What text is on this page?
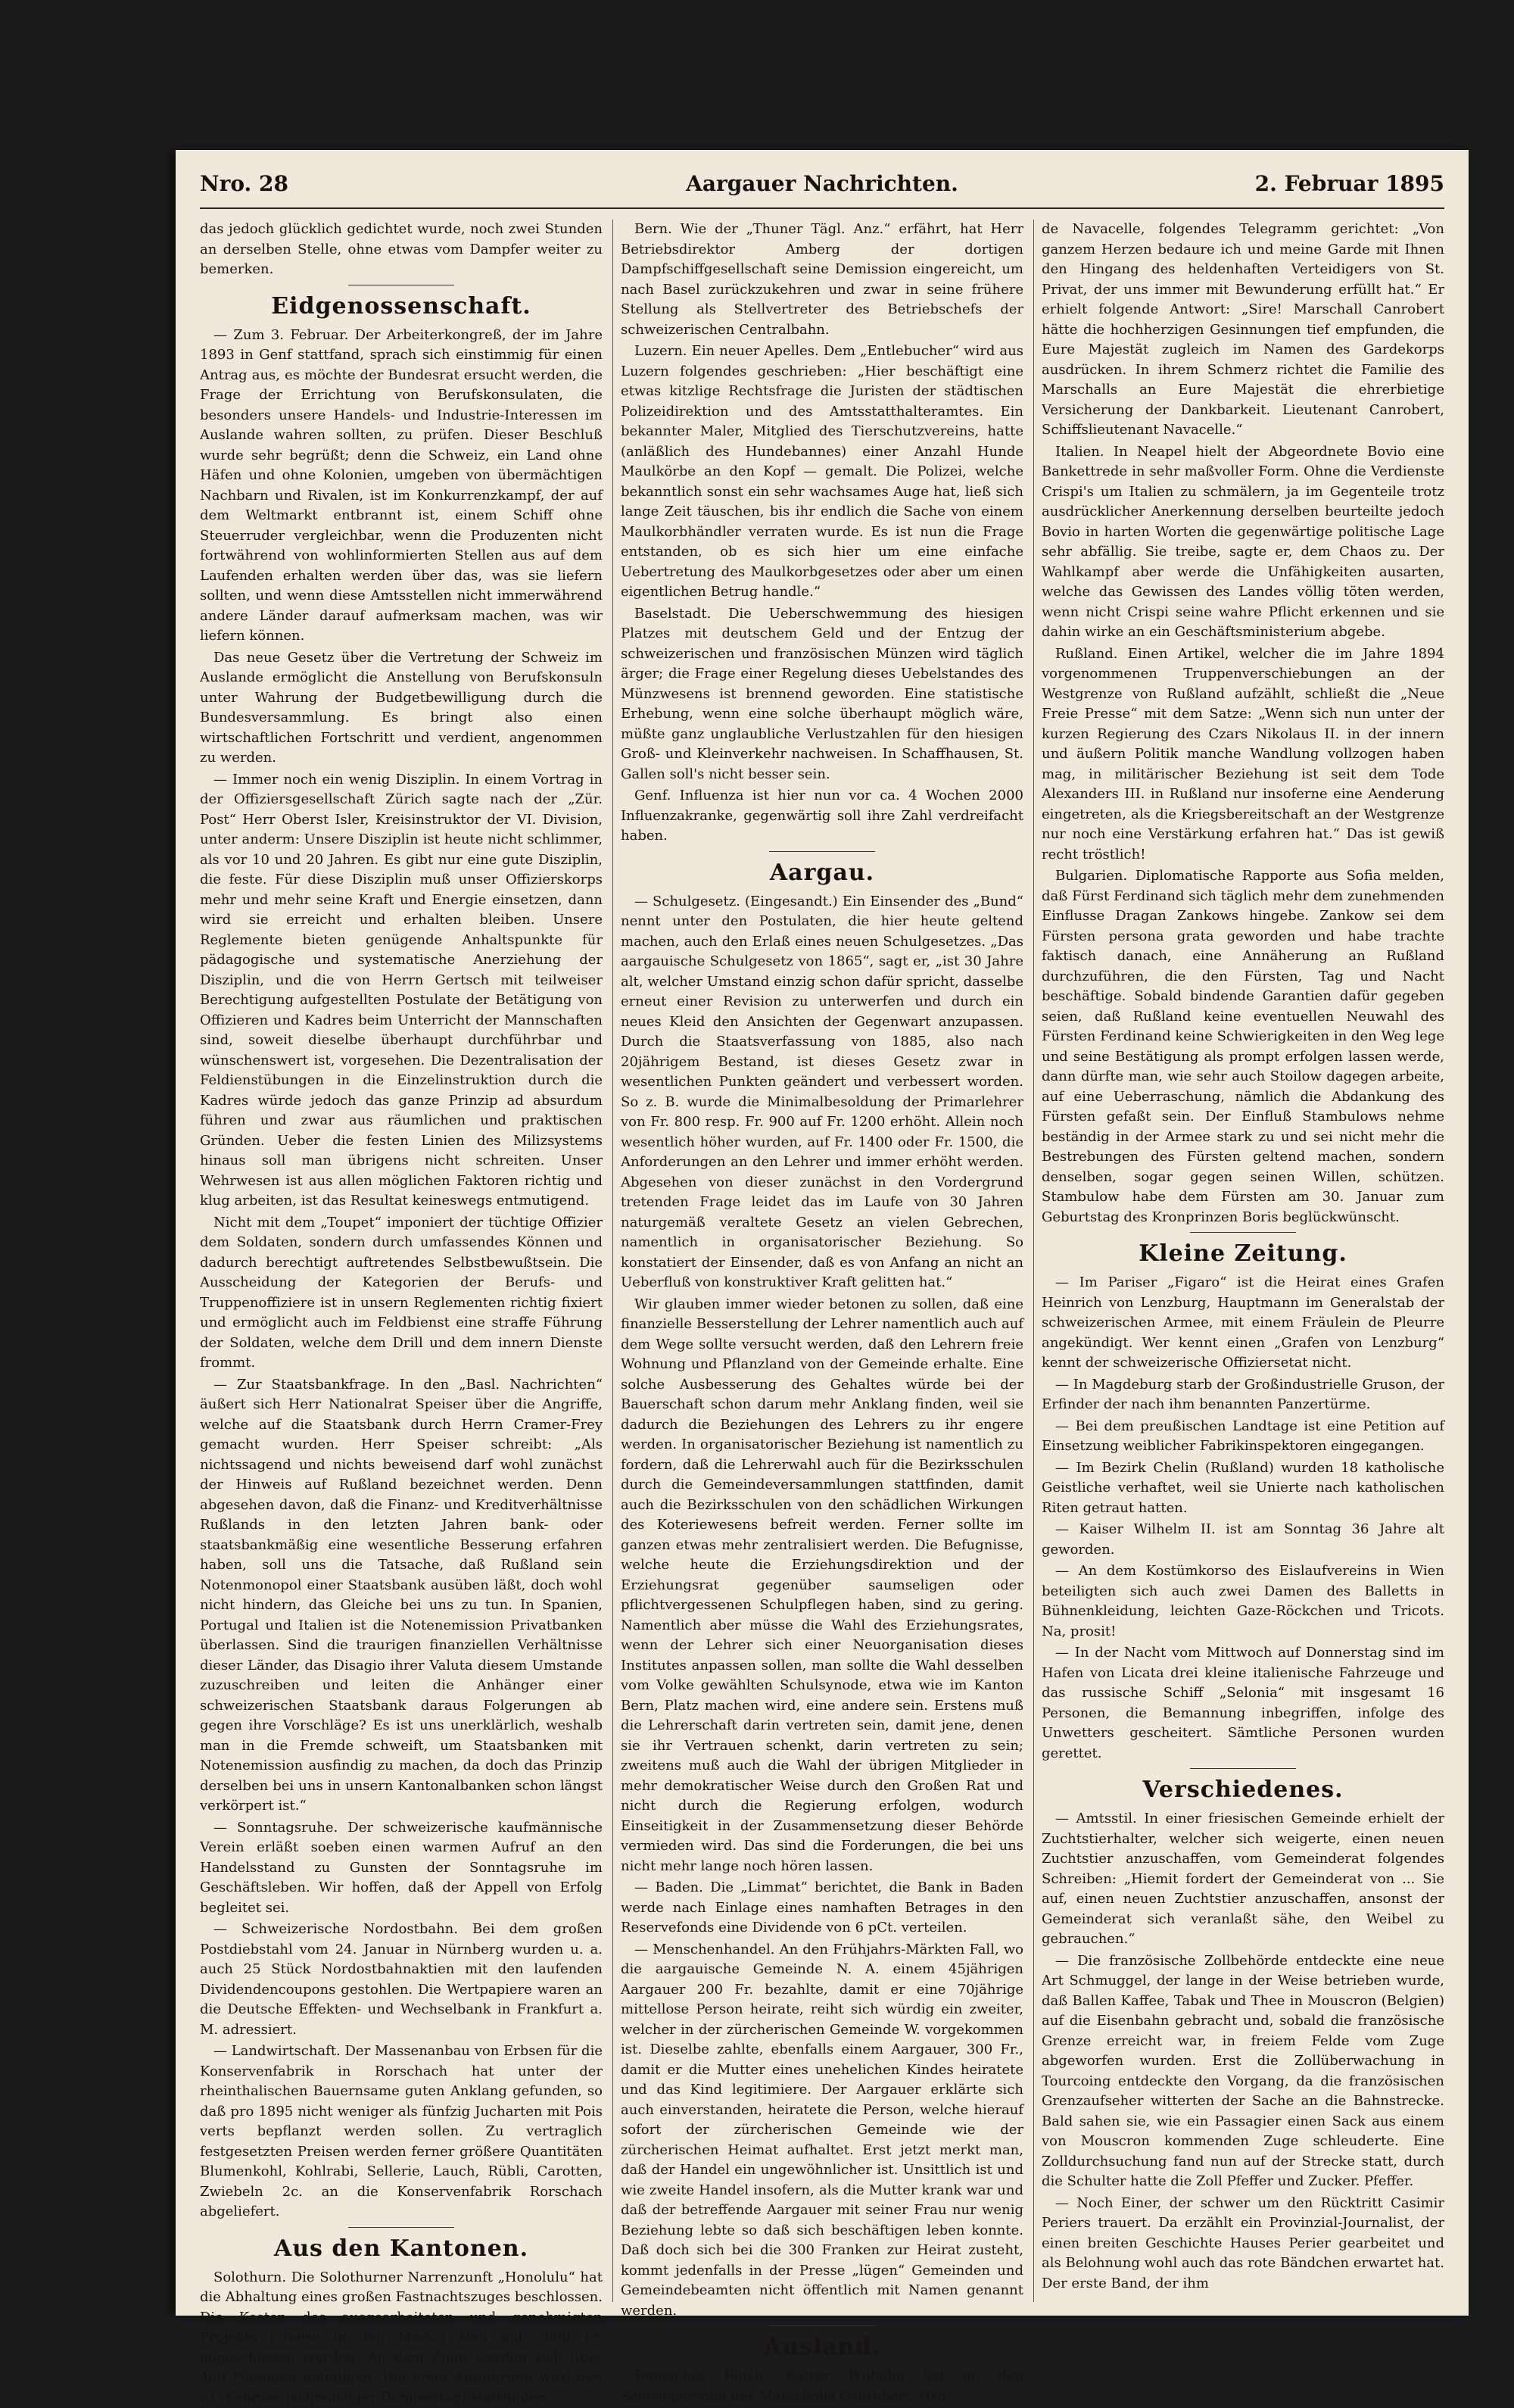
Nro. 28	Aargauer Nachrichten.	2. Februar 1895

das jedoch glücklich gedichtet wurde, noch zwei Stunden an derselben Stelle, ohne etwas vom Dampfer weiter zu bemerken.

Eidgenossenschaft.

— Zum 3. Februar. Der Arbeiterkongreß, der im Jahre 1893 in Genf stattfand, sprach sich einstimmig für einen Antrag aus, es möchte der Bundesrat ersucht werden, die Frage der Errichtung von Berufskonsulaten, die besonders unsere Handels- und Industrie-Interessen im Auslande wahren sollten, zu prüfen. Dieser Beschluß wurde sehr begrüßt; denn die Schweiz, ein Land ohne Häfen und ohne Kolonien, umgeben von übermächtigen Nachbarn und Rivalen, ist im Konkurrenzkampf, der auf dem Weltmarkt entbrannt ist, einem Schiff ohne Steuerruder vergleichbar, wenn die Produzenten nicht fortwährend von wohlinformierten Stellen aus auf dem Laufenden erhalten werden über das, was sie liefern sollten, und wenn diese Amtsstellen nicht immerwährend andere Länder darauf aufmerksam machen, was wir liefern können.

Das neue Gesetz über die Vertretung der Schweiz im Auslande ermöglicht die Anstellung von Berufskonsuln unter Wahrung der Budgetbewilligung durch die Bundesversammlung. Es bringt also einen wirtschaftlichen Fortschritt und verdient, angenommen zu werden.

— Immer noch ein wenig Disziplin. In einem Vortrag in der Offiziersgesellschaft Zürich sagte nach der „Zür. Post“ Herr Oberst Isler, Kreisinstruktor der VI. Division, unter anderm: Unsere Disziplin ist heute nicht schlimmer, als vor 10 und 20 Jahren. Es gibt nur eine gute Disziplin, die feste. Für diese Disziplin muß unser Offizierskorps mehr und mehr seine Kraft und Energie einsetzen, dann wird sie erreicht und erhalten bleiben. Unsere Reglemente bieten genügende Anhaltspunkte für pädagogische und systematische Anerziehung der Disziplin, und die von Herrn Gertsch mit teilweiser Berechtigung aufgestellten Postulate der Betätigung von Offizieren und Kadres beim Unterricht der Mannschaften sind, soweit dieselbe überhaupt durchführbar und wünschenswert ist, vorgesehen. Die Dezentralisation der Feldienstübungen in die Einzelinstruktion durch die Kadres würde jedoch das ganze Prinzip ad absurdum führen und zwar aus räumlichen und praktischen Gründen. Ueber die festen Linien des Milizsystems hinaus soll man übrigens nicht schreiten. Unser Wehrwesen ist aus allen möglichen Faktoren richtig und klug arbeiten, ist das Resultat keineswegs entmutigend.

Nicht mit dem „Toupet“ imponiert der tüchtige Offizier dem Soldaten, sondern durch umfassendes Können und dadurch berechtigt auftretendes Selbstbewußtsein. Die Ausscheidung der Kategorien der Berufs- und Truppenoffiziere ist in unsern Reglementen richtig fixiert und ermöglicht auch im Feldbienst eine straffe Führung der Soldaten, welche dem Drill und dem innern Dienste frommt.

— Zur Staatsbankfrage. In den „Basl. Nachrichten“ äußert sich Herr Nationalrat Speiser über die Angriffe, welche auf die Staatsbank durch Herrn Cramer-Frey gemacht wurden. Herr Speiser schreibt: „Als nichtssagend und nichts beweisend darf wohl zunächst der Hinweis auf Rußland bezeichnet werden. Denn abgesehen davon, daß die Finanz- und Kreditverhältnisse Rußlands in den letzten Jahren bank- oder staatsbankmäßig eine wesentliche Besserung erfahren haben, soll uns die Tatsache, daß Rußland sein Notenmonopol einer Staatsbank ausüben läßt, doch wohl nicht hindern, das Gleiche bei uns zu tun. In Spanien, Portugal und Italien ist die Notenemission Privatbanken überlassen. Sind die traurigen finanziellen Verhältnisse dieser Länder, das Disagio ihrer Valuta diesem Umstande zuzuschreiben und leiten die Anhänger einer schweizerischen Staatsbank daraus Folgerungen ab gegen ihre Vorschläge? Es ist uns unerklärlich, weshalb man in die Fremde schweift, um Staatsbanken mit Notenemission ausfindig zu machen, da doch das Prinzip derselben bei uns in unsern Kantonalbanken schon längst verkörpert ist.“

— Sonntagsruhe. Der schweizerische kaufmännische Verein erläßt soeben einen warmen Aufruf an den Handelsstand zu Gunsten der Sonntagsruhe im Geschäftsleben. Wir hoffen, daß der Appell von Erfolg begleitet sei.

— Schweizerische Nordostbahn. Bei dem großen Postdiebstahl vom 24. Januar in Nürnberg wurden u. a. auch 25 Stück Nordostbahnaktien mit den laufenden Dividendencoupons gestohlen. Die Wertpapiere waren an die Deutsche Effekten- und Wechselbank in Frankfurt a. M. adressiert.

— Landwirtschaft. Der Massenanbau von Erbsen für die Konservenfabrik in Rorschach hat unter der rheinthalischen Bauernsame guten Anklang gefunden, so daß pro 1895 nicht weniger als fünfzig Jucharten mit Pois verts bepflanzt werden sollen. Zu vertraglich festgesetzten Preisen werden ferner größere Quantitäten Blumenkohl, Kohlrabi, Sellerie, Lauch, Rübli, Carotten, Zwiebeln 2c. an die Konservenfabrik Rorschach abgeliefert.

Aus den Kantonen.

Solothurn. Die Solothurner Narrenzunft „Honolulu“ hat die Abhaltung eines großen Fastnachtszuges beschlossen. Die Kosten des ausgearbeiteten und genehmigten Projekts („Reise in den Mars“) sind auf 7000 Fr. angeschlagen worden. An dem Zuge werden sich über 400 Personen beteiligen. Die erste Aufführung wird den 21. Februar (schmutziger Donnerstag) stattfinden.

Bern. Wie der „Thuner Tägl. Anz.“ erfährt, hat Herr Betriebsdirektor Amberg der dortigen Dampfschiffgesellschaft seine Demission eingereicht, um nach Basel zurückzukehren und zwar in seine frühere Stellung als Stellvertreter des Betriebschefs der schweizerischen Centralbahn.

Luzern. Ein neuer Apelles. Dem „Entlebucher“ wird aus Luzern folgendes geschrieben: „Hier beschäftigt eine etwas kitzlige Rechtsfrage die Juristen der städtischen Polizeidirektion und des Amtsstatthalteramtes. Ein bekannter Maler, Mitglied des Tierschutzvereins, hatte (anläßlich des Hundebannes) einer Anzahl Hunde Maulkörbe an den Kopf — gemalt. Die Polizei, welche bekanntlich sonst ein sehr wachsames Auge hat, ließ sich lange Zeit täuschen, bis ihr endlich die Sache von einem Maulkorbhändler verraten wurde. Es ist nun die Frage entstanden, ob es sich hier um eine einfache Uebertretung des Maulkorbgesetzes oder aber um einen eigentlichen Betrug handle.“

Baselstadt. Die Ueberschwemmung des hiesigen Platzes mit deutschem Geld und der Entzug der schweizerischen und französischen Münzen wird täglich ärger; die Frage einer Regelung dieses Uebelstandes des Münzwesens ist brennend geworden. Eine statistische Erhebung, wenn eine solche überhaupt möglich wäre, müßte ganz unglaubliche Verlustzahlen für den hiesigen Groß- und Kleinverkehr nachweisen. In Schaffhausen, St. Gallen soll's nicht besser sein.

Genf. Influenza ist hier nun vor ca. 4 Wochen 2000 Influenzakranke, gegenwärtig soll ihre Zahl verdreifacht haben.

Aargau.

— Schulgesetz. (Eingesandt.) Ein Einsender des „Bund“ nennt unter den Postulaten, die hier heute geltend machen, auch den Erlaß eines neuen Schulgesetzes. „Das aargauische Schulgesetz von 1865“, sagt er, „ist 30 Jahre alt, welcher Umstand einzig schon dafür spricht, dasselbe erneut einer Revision zu unterwerfen und durch ein neues Kleid den Ansichten der Gegenwart anzupassen. Durch die Staatsverfassung von 1885, also nach 20jährigem Bestand, ist dieses Gesetz zwar in wesentlichen Punkten geändert und verbessert worden. So z. B. wurde die Minimalbesoldung der Primarlehrer von Fr. 800 resp. Fr. 900 auf Fr. 1200 erhöht. Allein noch wesentlich höher wurden, auf Fr. 1400 oder Fr. 1500, die Anforderungen an den Lehrer und immer erhöht werden. Abgesehen von dieser zunächst in den Vordergrund tretenden Frage leidet das im Laufe von 30 Jahren naturgemäß veraltete Gesetz an vielen Gebrechen, namentlich in organisatorischer Beziehung. So konstatiert der Einsender, daß es von Anfang an nicht an Ueberfluß von konstruktiver Kraft gelitten hat.“

Wir glauben immer wieder betonen zu sollen, daß eine finanzielle Besserstellung der Lehrer namentlich auch auf dem Wege sollte versucht werden, daß den Lehrern freie Wohnung und Pflanzland von der Gemeinde erhalte. Eine solche Ausbesserung des Gehaltes würde bei der Bauerschaft schon darum mehr Anklang finden, weil sie dadurch die Beziehungen des Lehrers zu ihr engere werden. In organisatorischer Beziehung ist namentlich zu fordern, daß die Lehrerwahl auch für die Bezirksschulen durch die Gemeindeversammlungen stattfinden, damit auch die Bezirksschulen von den schädlichen Wirkungen des Koteriewesens befreit werden. Ferner sollte im ganzen etwas mehr zentralisiert werden. Die Befugnisse, welche heute die Erziehungsdirektion und der Erziehungsrat gegenüber saumseligen oder pflichtvergessenen Schulpflegen haben, sind zu gering. Namentlich aber müsse die Wahl des Erziehungsrates, wenn der Lehrer sich einer Neuorganisation dieses Institutes anpassen sollen, man sollte die Wahl desselben vom Volke gewählten Schulsynode, etwa wie im Kanton Bern, Platz machen wird, eine andere sein. Erstens muß die Lehrerschaft darin vertreten sein, damit jene, denen sie ihr Vertrauen schenkt, darin vertreten zu sein; zweitens muß auch die Wahl der übrigen Mitglieder in mehr demokratischer Weise durch den Großen Rat und nicht durch die Regierung erfolgen, wodurch Einseitigkeit in der Zusammensetzung dieser Behörde vermieden wird. Das sind die Forderungen, die bei uns nicht mehr lange noch hören lassen.

— Baden. Die „Limmat“ berichtet, die Bank in Baden werde nach Einlage eines namhaften Betrages in den Reservefonds eine Dividende von 6 pCt. verteilen.

— Menschenhandel. An den Frühjahrs-Märkten Fall, wo die aargauische Gemeinde N. A. einem 45jährigen Aargauer 200 Fr. bezahlte, damit er eine 70jährige mittellose Person heirate, reiht sich würdig ein zweiter, welcher in der zürcherischen Gemeinde W. vorgekommen ist. Dieselbe zahlte, ebenfalls einem Aargauer, 300 Fr., damit er die Mutter eines unehelichen Kindes heiratete und das Kind legitimiere. Der Aargauer erklärte sich auch einverstanden, heiratete die Person, welche hierauf sofort der zürcherischen Gemeinde wie der zürcherischen Heimat aufhaltet. Erst jetzt merkt man, daß der Handel ein ungewöhnlicher ist. Unsittlich ist und wie zweite Handel insofern, als die Mutter krank war und daß der betreffende Aargauer mit seiner Frau nur wenig Beziehung lebte so daß sich beschäftigen leben konnte. Daß doch sich bei die 300 Franken zur Heirat zusteht, kommt jedenfalls in der Presse „lügen“ Gemeinden und Gemeindebeamten nicht öffentlich mit Namen genannt werden.

Ausland.

Deutsches Reich. Kaiser Wilhelm hat an den Schwiegersohn des Marschalls Canrobert, Hrn.

de Navacelle, folgendes Telegramm gerichtet: „Von ganzem Herzen bedaure ich und meine Garde mit Ihnen den Hingang des heldenhaften Verteidigers von St. Privat, der uns immer mit Bewunderung erfüllt hat.“ Er erhielt folgende Antwort: „Sire! Marschall Canrobert hätte die hochherzigen Gesinnungen tief empfunden, die Eure Majestät zugleich im Namen des Gardekorps ausdrücken. In ihrem Schmerz richtet die Familie des Marschalls an Eure Majestät die ehrerbietige Versicherung der Dankbarkeit. Lieutenant Canrobert, Schiffslieutenant Navacelle.“

Italien. In Neapel hielt der Abgeordnete Bovio eine Bankettrede in sehr maßvoller Form. Ohne die Verdienste Crispi's um Italien zu schmälern, ja im Gegenteile trotz ausdrücklicher Anerkennung derselben beurteilte jedoch Bovio in harten Worten die gegenwärtige politische Lage sehr abfällig. Sie treibe, sagte er, dem Chaos zu. Der Wahlkampf aber werde die Unfähigkeiten ausarten, welche das Gewissen des Landes völlig töten werden, wenn nicht Crispi seine wahre Pflicht erkennen und sie dahin wirke an ein Geschäftsministerium abgebe.

Rußland. Einen Artikel, welcher die im Jahre 1894 vorgenommenen Truppenverschiebungen an der Westgrenze von Rußland aufzählt, schließt die „Neue Freie Presse“ mit dem Satze: „Wenn sich nun unter der kurzen Regierung des Czars Nikolaus II. in der innern und äußern Politik manche Wandlung vollzogen haben mag, in militärischer Beziehung ist seit dem Tode Alexanders III. in Rußland nur insoferne eine Aenderung eingetreten, als die Kriegsbereitschaft an der Westgrenze nur noch eine Verstärkung erfahren hat.“ Das ist gewiß recht tröstlich!

Bulgarien. Diplomatische Rapporte aus Sofia melden, daß Fürst Ferdinand sich täglich mehr dem zunehmenden Einflusse Dragan Zankows hingebe. Zankow sei dem Fürsten persona grata geworden und habe trachte faktisch danach, eine Annäherung an Rußland durchzuführen, die den Fürsten, Tag und Nacht beschäftige. Sobald bindende Garantien dafür gegeben seien, daß Rußland keine eventuellen Neuwahl des Fürsten Ferdinand keine Schwierigkeiten in den Weg lege und seine Bestätigung als prompt erfolgen lassen werde, dann dürfte man, wie sehr auch Stoilow dagegen arbeite, auf eine Ueberraschung, nämlich die Abdankung des Fürsten gefaßt sein. Der Einfluß Stambulows nehme beständig in der Armee stark zu und sei nicht mehr die Bestrebungen des Fürsten geltend machen, sondern denselben, sogar gegen seinen Willen, schützen. Stambulow habe dem Fürsten am 30. Januar zum Geburtstag des Kronprinzen Boris beglückwünscht.

Kleine Zeitung.

— Im Pariser „Figaro“ ist die Heirat eines Grafen Heinrich von Lenzburg, Hauptmann im Generalstab der schweizerischen Armee, mit einem Fräulein de Pleurre angekündigt. Wer kennt einen „Grafen von Lenzburg“ kennt der schweizerische Offiziersetat nicht.

— In Magdeburg starb der Großindustrielle Gruson, der Erfinder der nach ihm benannten Panzertürme.

— Bei dem preußischen Landtage ist eine Petition auf Einsetzung weiblicher Fabrikinspektoren eingegangen.

— Im Bezirk Chelin (Rußland) wurden 18 katholische Geistliche verhaftet, weil sie Unierte nach katholischen Riten getraut hatten.

— Kaiser Wilhelm II. ist am Sonntag 36 Jahre alt geworden.

— An dem Kostümkorso des Eislaufvereins in Wien beteiligten sich auch zwei Damen des Balletts in Bühnenkleidung, leichten Gaze-Röckchen und Tricots. Na, prosit!

— In der Nacht vom Mittwoch auf Donnerstag sind im Hafen von Licata drei kleine italienische Fahrzeuge und das russische Schiff „Selonia“ mit insgesamt 16 Personen, die Bemannung inbegriffen, infolge des Unwetters gescheitert. Sämtliche Personen wurden gerettet.

Verschiedenes.

— Amtsstil. In einer friesischen Gemeinde erhielt der Zuchtstierhalter, welcher sich weigerte, einen neuen Zuchtstier anzuschaffen, vom Gemeinderat folgendes Schreiben: „Hiemit fordert der Gemeinderat von ... Sie auf, einen neuen Zuchtstier anzuschaffen, ansonst der Gemeinderat sich veranlaßt sähe, den Weibel zu gebrauchen.“

— Die französische Zollbehörde entdeckte eine neue Art Schmuggel, der lange in der Weise betrieben wurde, daß Ballen Kaffee, Tabak und Thee in Mouscron (Belgien) auf die Eisenbahn gebracht und, sobald die französische Grenze erreicht war, in freiem Felde vom Zuge abgeworfen wurden. Erst die Zollüberwachung in Tourcoing entdeckte den Vorgang, da die französischen Grenzaufseher witterten der Sache an die Bahnstrecke. Bald sahen sie, wie ein Passagier einen Sack aus einem von Mouscron kommenden Zuge schleuderte. Eine Zolldurchsuchung fand nun auf der Strecke statt, durch die Schulter hatte die Zoll Pfeffer und Zucker. Pfeffer.

— Noch Einer, der schwer um den Rücktritt Casimir Periers trauert. Da erzählt ein Provinzial-Journalist, der einen breiten Geschichte Hauses Perier gearbeitet und als Belohnung wohl auch das rote Bändchen erwartet hat. Der erste Band, der ihm
